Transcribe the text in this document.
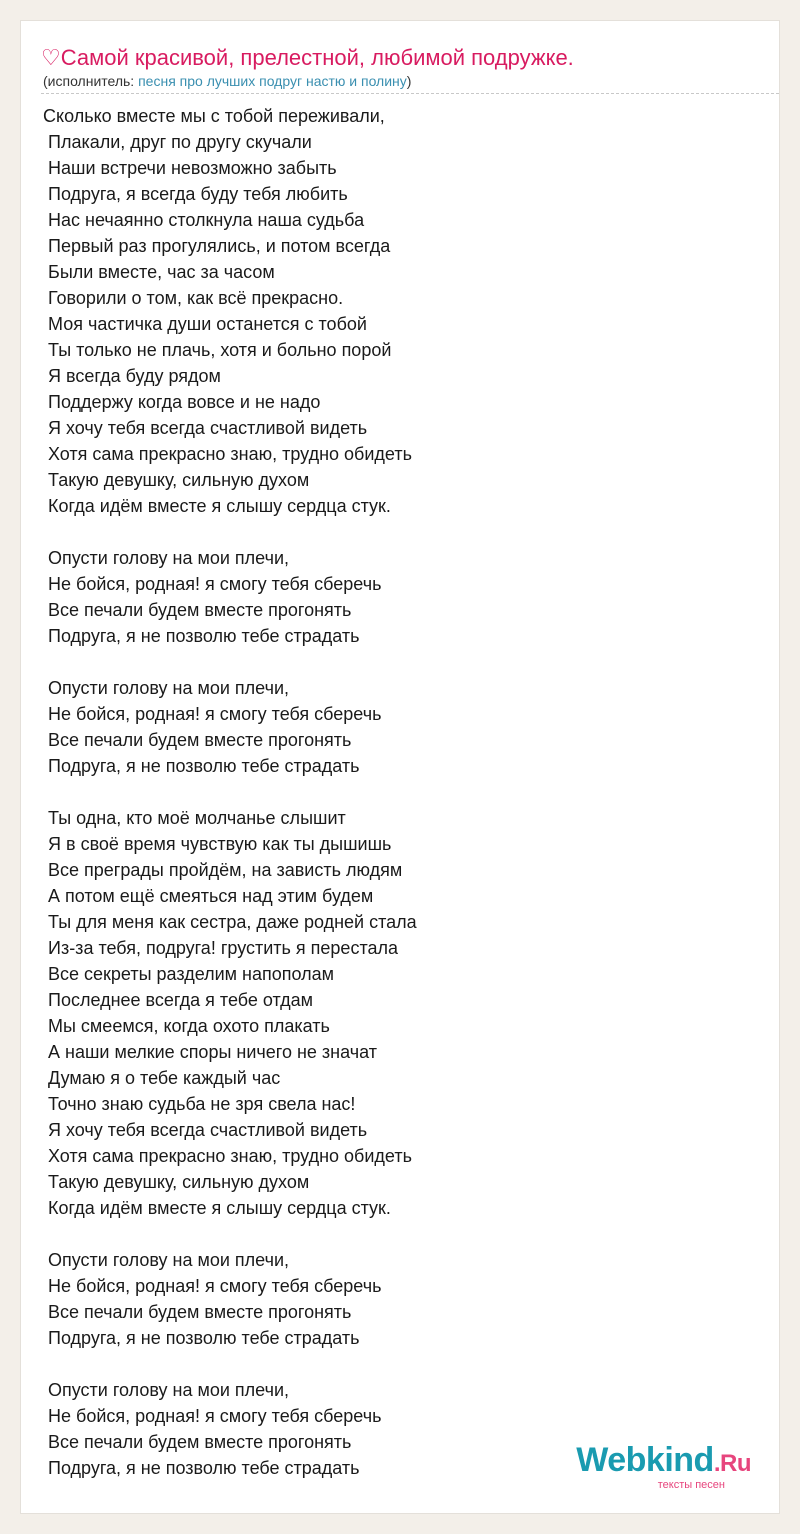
♡Самой красивой, прелестной, любимой подружке.
(исполнитель: песня про лучших подруг настю и полину)
Сколько вместе мы с тобой переживали,
Плакали, друг по другу скучали
Наши встречи невозможно забыть
Подруга, я всегда буду тебя любить
Нас нечаянно столкнула наша судьба
Первый раз прогулялись, и потом всегда
Были вместе, час за часом
Говорили о том, как всё прекрасно.
Моя частичка души останется с тобой
Ты только не плачь, хотя и больно порой
Я всегда буду рядом
Поддержу когда вовсе и не надо
Я хочу тебя всегда счастливой видеть
Хотя сама прекрасно знаю, трудно обидеть
Такую девушку, сильную духом
Когда идём вместе я слышу сердца стук.
Опусти голову на мои плечи,
Не бойся, родная! я смогу тебя сберечь
Все печали будем вместе прогонять
Подруга, я не позволю тебе страдать
Опусти голову на мои плечи,
Не бойся, родная! я смогу тебя сберечь
Все печали будем вместе прогонять
Подруга, я не позволю тебе страдать
Ты одна, кто моё молчанье слышит
Я в своё время чувствую как ты дышишь
Все преграды пройдём, на зависть людям
А потом ещё смеяться над этим будем
Ты для меня как сестра, даже родней стала
Из-за тебя, подруга! грустить я перестала
Все секреты разделим напополам
Последнее всегда я тебе отдам
Мы смеемся, когда охото плакать
А наши мелкие споры ничего не значат
Думаю я о тебе каждый час
Точно знаю судьба не зря свела нас!
Я хочу тебя всегда счастливой видеть
Хотя сама прекрасно знаю, трудно обидеть
Такую девушку, сильную духом
Когда идём вместе я слышу сердца стук.
Опусти голову на мои плечи,
Не бойся, родная! я смогу тебя сберечь
Все печали будем вместе прогонять
Подруга, я не позволю тебе страдать
Опусти голову на мои плечи,
Не бойся, родная! я смогу тебя сберечь
Все печали будем вместе прогонять
Подруга, я не позволю тебе страдать	Webkind.Ru
тексты песен
